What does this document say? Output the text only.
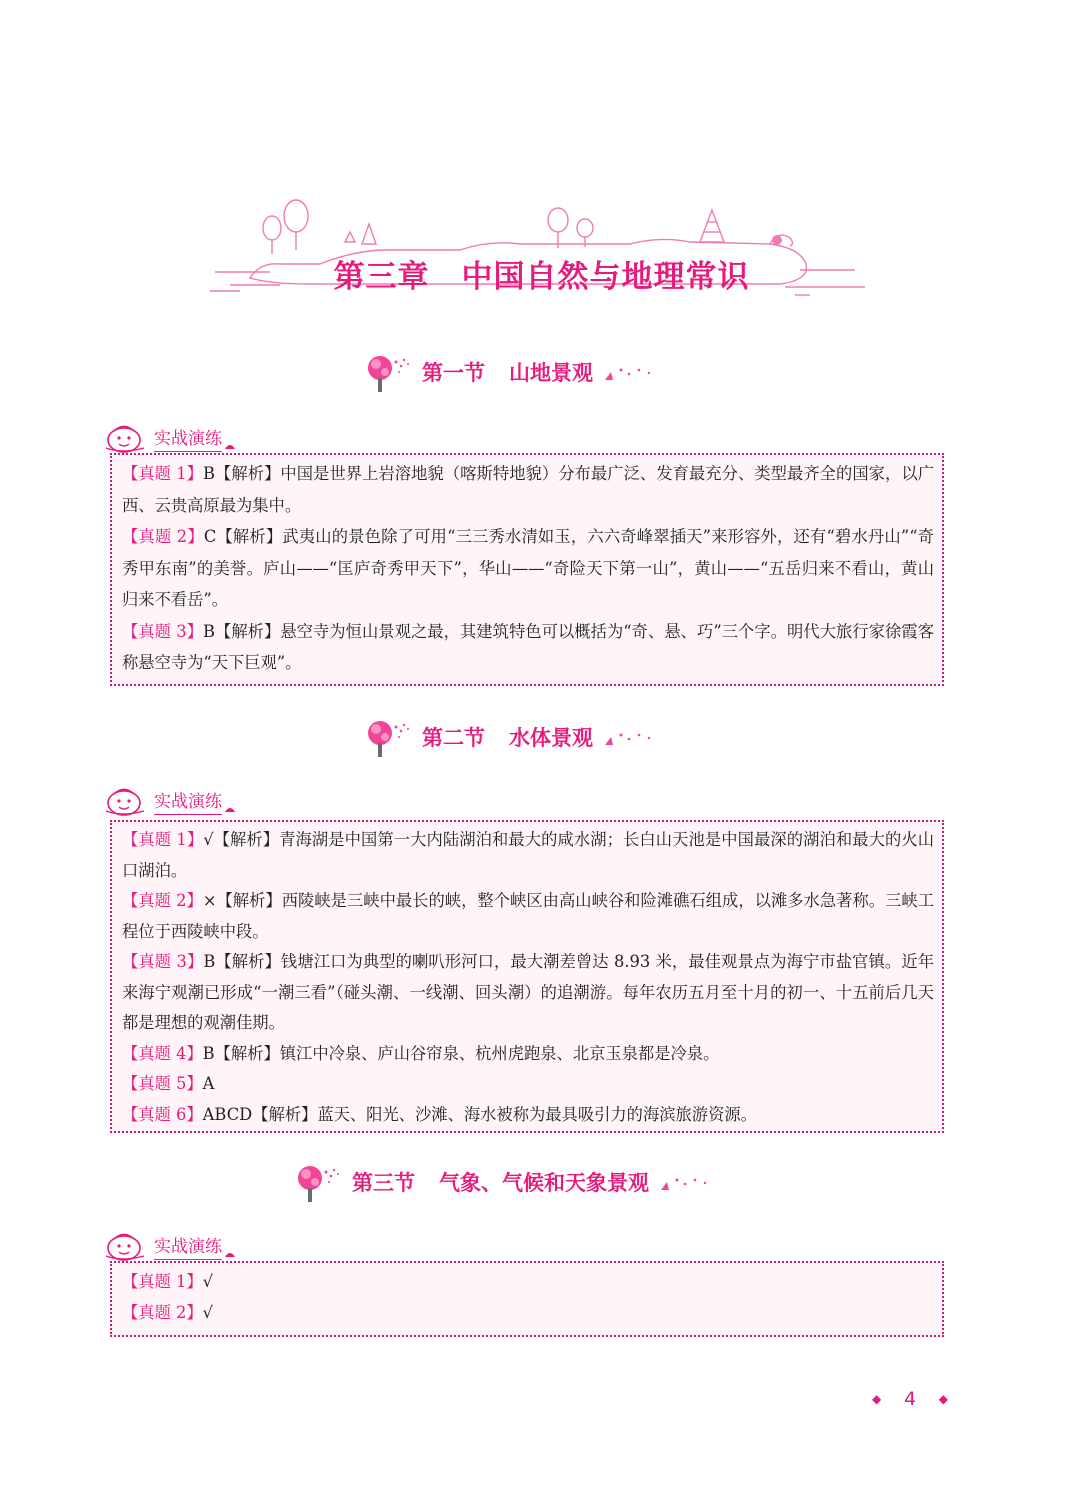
第三章　中国自然与地理常识
第一节 山地景观
实战演练

【真题 1】B【解析】中国是世界上岩溶地貌（喀斯特地貌）分布最广泛、发育最充分、类型最齐全的国家，以广西、云贵高原最为集中。

【真题 2】C【解析】武夷山的景色除了可用“三三秀水清如玉，六六奇峰翠插天”来形容外，还有“碧水丹山”“奇秀甲东南”的美誉。庐山——“匡庐奇秀甲天下”，华山——“奇险天下第一山”，黄山——“五岳归来不看山，黄山归来不看岳”。

【真题 3】B【解析】悬空寺为恒山景观之最，其建筑特色可以概括为“奇、悬、巧”三个字。明代大旅行家徐霞客称悬空寺为“天下巨观”。

第二节 水体景观
实战演练

【真题 1】√【解析】青海湖是中国第一大内陆湖泊和最大的咸水湖；长白山天池是中国最深的湖泊和最大的火山口湖泊。

【真题 2】×【解析】西陵峡是三峡中最长的峡，整个峡区由高山峡谷和险滩礁石组成，以滩多水急著称。三峡工程位于西陵峡中段。

【真题 3】B【解析】钱塘江口为典型的喇叭形河口，最大潮差曾达 8.93 米，最佳观景点为海宁市盐官镇。近年来海宁观潮已形成“一潮三看”（碰头潮、一线潮、回头潮）的追潮游。每年农历五月至十月的初一、十五前后几天都是理想的观潮佳期。

【真题 4】B【解析】镇江中冷泉、庐山谷帘泉、杭州虎跑泉、北京玉泉都是冷泉。

【真题 5】A

【真题 6】ABCD【解析】蓝天、阳光、沙滩、海水被称为最具吸引力的海滨旅游资源。

第三节 气象、气候和天象景观
实战演练

【真题 1】√

【真题 2】√

◆ 4 ◆
